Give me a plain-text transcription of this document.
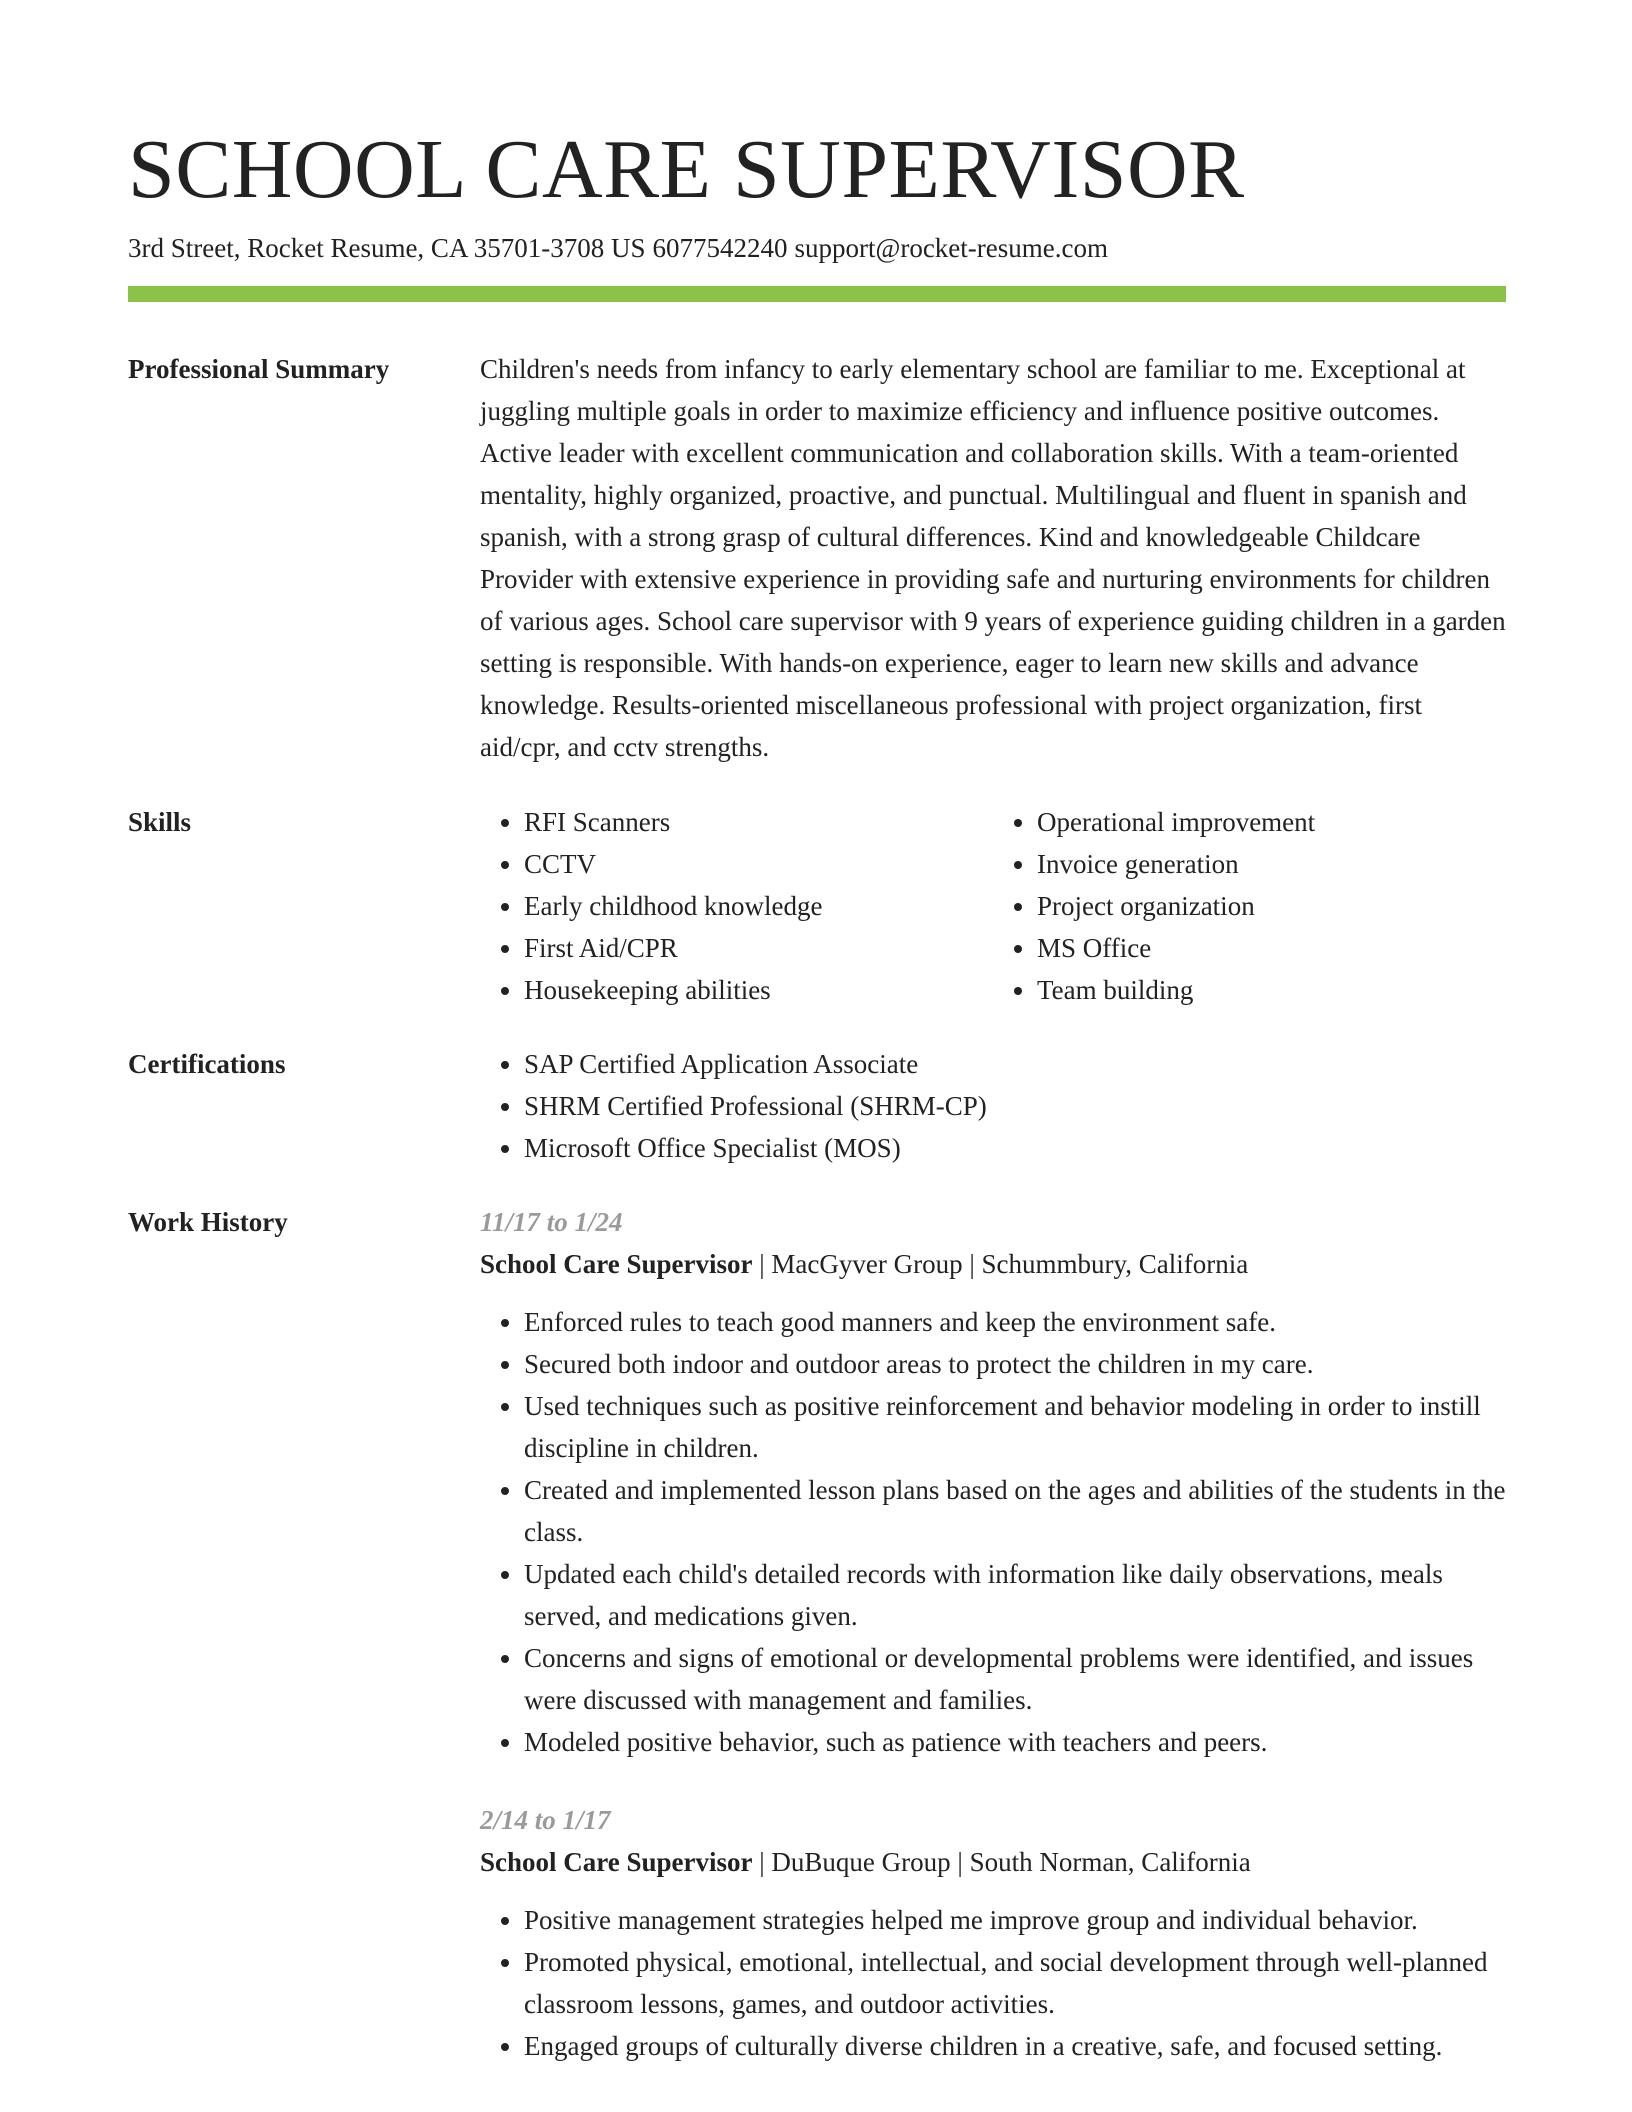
SCHOOL CARE SUPERVISOR
3rd Street, Rocket Resume, CA 35701-3708 US 6077542240 support@rocket-resume.com
Professional Summary	Children's needs from infancy to early elementary school are familiar to me. Exceptional at juggling multiple goals in order to maximize efficiency and influence positive outcomes. Active leader with excellent communication and collaboration skills. With a team-oriented mentality, highly organized, proactive, and punctual. Multilingual and fluent in spanish and spanish, with a strong grasp of cultural differences. Kind and knowledgeable Childcare Provider with extensive experience in providing safe and nurturing environments for children of various ages. School care supervisor with 9 years of experience guiding children in a garden setting is responsible. With hands-on experience, eager to learn new skills and advance knowledge. Results-oriented miscellaneous professional with project organization, first aid/cpr, and cctv strengths.

Skills	• RFI Scanners
• CCTV
• Early childhood knowledge
• First Aid/CPR
• Housekeeping abilities
• Operational improvement
• Invoice generation
• Project organization
• MS Office
• Team building
Certifications	• SAP Certified Application Associate
• SHRM Certified Professional (SHRM-CP)
• Microsoft Office Specialist (MOS)
Work History	11/17 to 1/24
School Care Supervisor | MacGyver Group | Schummbury, California
• Enforced rules to teach good manners and keep the environment safe.
• Secured both indoor and outdoor areas to protect the children in my care.
• Used techniques such as positive reinforcement and behavior modeling in order to instill discipline in children.
• Created and implemented lesson plans based on the ages and abilities of the students in the class.
• Updated each child's detailed records with information like daily observations, meals served, and medications given.
• Concerns and signs of emotional or developmental problems were identified, and issues were discussed with management and families.
• Modeled positive behavior, such as patience with teachers and peers.
2/14 to 1/17
School Care Supervisor | DuBuque Group | South Norman, California
• Positive management strategies helped me improve group and individual behavior.
• Promoted physical, emotional, intellectual, and social development through well-planned classroom lessons, games, and outdoor activities.
• Engaged groups of culturally diverse children in a creative, safe, and focused setting.
